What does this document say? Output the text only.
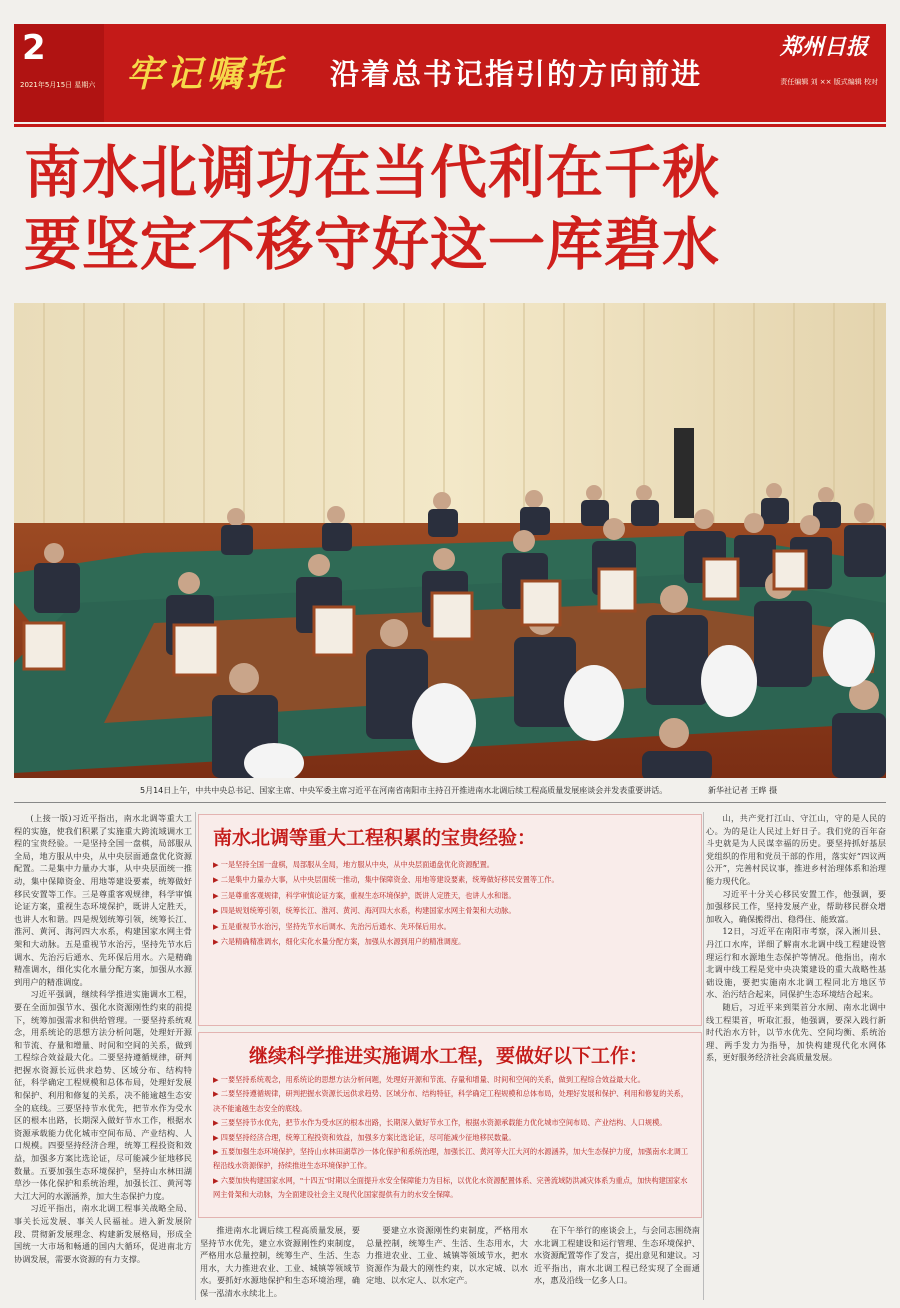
2
2021年5月15日 星期六 牢记嘱托 沿着总书记指引的方向前进
郑州日报
责任编辑 刘 ×× 版式编辑 校对
南水北调功在当代利在千秋
要坚定不移守好这一库碧水
5月14日上午，中共中央总书记、国家主席、中央军委主席习近平在河南省南阳市主持召开推进南水北调后续工程高质量发展座谈会并发表重要讲话。	新华社记者 王晔 摄

(上接一版)习近平指出，南水北调等重大工程的实施，使我们积累了实施重大跨流域调水工程的宝贵经验。一是坚持全国一盘棋，局部服从全局，地方服从中央，从中央层面通盘优化资源配置。二是集中力量办大事，从中央层面统一推动，集中保障资金、用地等建设要素，统筹做好移民安置等工作。三是尊重客观规律，科学审慎论证方案，重视生态环境保护，既讲人定胜天，也讲人水和谐。四是规划统筹引领，统筹长江、淮河、黄河、海河四大水系，构建国家水网主骨架和大动脉。五是重视节水治污，坚持先节水后调水、先治污后通水、先环保后用水。六是精确精准调水，细化实化水量分配方案，加强从水源到用户的精准调度。

习近平强调，继续科学推进实施调水工程，要在全面加强节水、强化水资源刚性约束的前提下，统筹加强需求和供给管理。一要坚持系统观念，用系统论的思想方法分析问题，处理好开源和节流、存量和增量、时间和空间的关系，做到工程综合效益最大化。二要坚持遵循规律，研判把握水资源长远供求趋势、区域分布、结构特征，科学确定工程规模和总体布局，处理好发展和保护、利用和修复的关系，决不能逾越生态安全的底线。三要坚持节水优先，把节水作为受水区的根本出路，长期深入做好节水工作，根据水资源承载能力优化城市空间布局、产业结构、人口规模。四要坚持经济合理，统筹工程投资和效益，加强多方案比选论证，尽可能减少征地移民数量。五要加强生态环境保护，坚持山水林田湖草沙一体化保护和系统治理，加强长江、黄河等大江大河的水源涵养，加大生态保护力度。

习近平指出，南水北调工程事关战略全局、事关长远发展、事关人民福祉。进入新发展阶段、贯彻新发展理念、构建新发展格局，形成全国统一大市场和畅通的国内大循环，促进南北方协调发展，需要水资源的有力支撑。

南水北调等重大工程积累的宝贵经验：
▶ 一是坚持全国一盘棋，局部服从全局，地方服从中央，从中央层面通盘优化资源配置。
▶ 二是集中力量办大事，从中央层面统一推动，集中保障资金、用地等建设要素，统筹做好移民安置等工作。
▶ 三是尊重客观规律，科学审慎论证方案，重视生态环境保护，既讲人定胜天，也讲人水和谐。
▶ 四是规划统筹引领，统筹长江、淮河、黄河、海河四大水系，构建国家水网主骨架和大动脉。
▶ 五是重视节水治污，坚持先节水后调水、先治污后通水、先环保后用水。
▶ 六是精确精准调水，细化实化水量分配方案，加强从水源到用户的精准调度。
继续科学推进实施调水工程，要做好以下工作：
▶ 一要坚持系统观念，用系统论的思想方法分析问题，处理好开源和节流、存量和增量、时间和空间的关系，做到工程综合效益最大化。
▶ 二要坚持遵循规律，研判把握水资源长远供求趋势、区域分布、结构特征，科学确定工程规模和总体布局，处理好发展和保护、利用和修复的关系，决不能逾越生态安全的底线。
▶ 三要坚持节水优先，把节水作为受水区的根本出路，长期深入做好节水工作，根据水资源承载能力优化城市空间布局、产业结构、人口规模。
▶ 四要坚持经济合理，统筹工程投资和效益，加强多方案比选论证，尽可能减少征地移民数量。
▶ 五要加强生态环境保护，坚持山水林田湖草沙一体化保护和系统治理，加强长江、黄河等大江大河的水源涵养，加大生态保护力度，加强南水北调工程沿线水资源保护，持续推进生态环境保护工作。
▶ 六要加快构建国家水网，"十四五"时期以全面提升水安全保障能力为目标，以优化水资源配置体系、完善流域防洪减灾体系为重点，加快构建国家水网主骨架和大动脉，为全面建设社会主义现代化国家提供有力的水安全保障。

推进南水北调后续工程高质量发展，要坚持节水优先，建立水资源刚性约束制度，严格用水总量控制，统筹生产、生活、生态用水，大力推进农业、工业、城镇等领域节水。要抓好水源地保护和生态环境治理，确保一泓清水永续北上。

要建立水资源刚性约束制度，严格用水总量控制，统筹生产、生活、生态用水，大力推进农业、工业、城镇等领域节水，把水资源作为最大的刚性约束，以水定城、以水定地、以水定人、以水定产。

在下午举行的座谈会上，与会同志围绕南水北调工程建设和运行管理、生态环境保护、水资源配置等作了发言，提出意见和建议。习近平指出，南水北调工程已经实现了全面通水，惠及沿线一亿多人口。

山，共产党打江山、守江山，守的是人民的心。为的是让人民过上好日子。我们党的百年奋斗史就是为人民谋幸福的历史。要坚持抓好基层党组织的作用和党员干部的作用，落实好“四议两公开”，完善村民议事，推进乡村治理体系和治理能力现代化。

习近平十分关心移民安置工作，他强调，要加强移民工作，坚持发展产业，帮助移民群众增加收入，确保搬得出、稳得住、能致富。

12日，习近平在南阳市考察，深入淅川县、丹江口水库，详细了解南水北调中线工程建设管理运行和水源地生态保护等情况。他指出，南水北调中线工程是党中央决策建设的重大战略性基础设施，要把实施南水北调工程同北方地区节水、治污结合起来，同保护生态环境结合起来。

随后，习近平来到渠首分水闸、南水北调中线工程渠首，听取汇报，他强调，要深入践行新时代治水方针，以节水优先、空间均衡、系统治理、两手发力为指导，加快构建现代化水网体系，更好服务经济社会高质量发展。
